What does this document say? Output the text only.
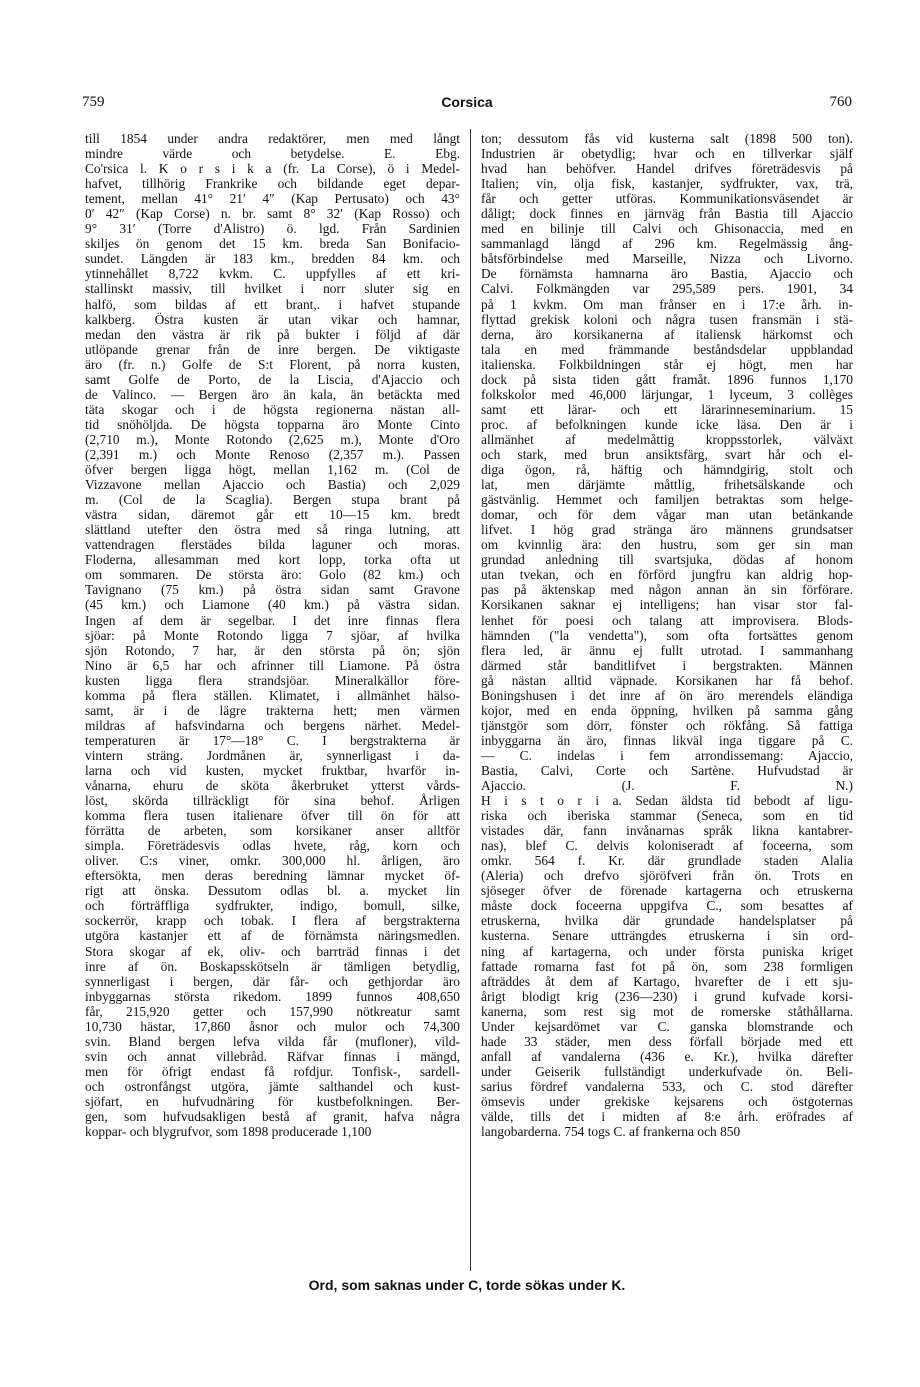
759	Corsica	760
till 1854 under andra redaktörer, men med långt
mindre värde och betydelse. E. Ebg.
Co'rsica l. K o r s i k a (fr. La Corse), ö i Medel-
hafvet, tillhörig Frankrike och bildande eget depar-
tement, mellan 41° 21′ 4″ (Kap Pertusato) och 43°
0′ 42″ (Kap Corse) n. br. samt 8° 32′ (Kap Rosso) och
9° 31′ (Torre d'Alistro) ö. lgd. Från Sardinien
skiljes ön genom det 15 km. breda San Bonifacio-
sundet. Längden är 183 km., bredden 84 km. och
ytinnehållet 8,722 kvkm. C. uppfylles af ett kri-
stallinskt massiv, till hvilket i norr sluter sig en
halfö, som bildas af ett brant,. i hafvet stupande
kalkberg. Östra kusten är utan vikar och hamnar,
medan den västra är rik på bukter i följd af där
utlöpande grenar från de inre bergen. De viktigaste
äro (fr. n.) Golfe de S:t Florent, på norra kusten,
samt Golfe de Porto, de la Liscia, d'Ajaccio och
de Valinco. — Bergen äro än kala, än betäckta med
täta skogar och i de högsta regionerna nästan all-
tid snöhöljda. De högsta topparna äro Monte Cinto
(2,710 m.), Monte Rotondo (2,625 m.), Monte d'Oro
(2,391 m.) och Monte Renoso (2,357 m.). Passen
öfver bergen ligga högt, mellan 1,162 m. (Col de
Vizzavone mellan Ajaccio och Bastia) och 2,029
m. (Col de la Scaglia). Bergen stupa brant på
västra sidan, däremot går ett 10—15 km. bredt
slättland utefter den östra med så ringa lutning, att
vattendragen flerstädes bilda laguner och moras.
Floderna, allesamman med kort lopp, torka ofta ut
om sommaren. De största äro: Golo (82 km.) och
Tavignano (75 km.) på östra sidan samt Gravone
(45 km.) och Liamone (40 km.) på västra sidan.
Ingen af dem är segelbar. I det inre finnas flera
sjöar: på Monte Rotondo ligga 7 sjöar, af hvilka
sjön Rotondo, 7 har, är den största på ön; sjön
Nino är 6,5 har och afrinner till Liamone. På östra
kusten ligga flera strandsjöar. Mineralkällor före-
komma på flera ställen. Klimatet, i allmänhet hälso-
samt, är i de lägre trakterna hett; men värmen
mildras af hafsvindarna och bergens närhet. Medel-
temperaturen är 17°—18° C. I bergstrakterna är
vintern sträng. Jordmånen är, synnerligast i da-
larna och vid kusten, mycket fruktbar, hvarför in-
vånarna, ehuru de sköta åkerbruket ytterst vårds-
löst, skörda tillräckligt för sina behof. Årligen
komma flera tusen italienare öfver till ön för att
förrätta de arbeten, som korsikaner anser alltför
simpla. Företrädesvis odlas hvete, råg, korn och
oliver. C:s viner, omkr. 300,000 hl. årligen, äro
eftersökta, men deras beredning lämnar mycket öf-
rigt att önska. Dessutom odlas bl. a. mycket lin
och förträffliga sydfrukter, indigo, bomull, silke,
sockerrör, krapp och tobak. I flera af bergstrakterna
utgöra kastanjer ett af de förnämsta näringsmedlen.
Stora skogar af ek, oliv- och barrträd finnas i det
inre af ön. Boskapsskötseln är tämligen betydlig,
synnerligast i bergen, där får- och gethjordar äro
inbyggarnas största rikedom. 1899 funnos 408,650
får, 215,920 getter och 157,990 nötkreatur samt
10,730 hästar, 17,860 åsnor och mulor och 74,300
svin. Bland bergen lefva vilda får (mufloner), vild-
svin och annat villebråd. Räfvar finnas i mängd,
men för öfrigt endast få rofdjur. Tonfisk-, sardell-
och ostronfångst utgöra, jämte salthandel och kust-
sjöfart, en hufvudnäring för kustbefolkningen. Ber-
gen, som hufvudsakligen bestå af granit, hafva några
koppar- och blygrufvor, som 1898 producerade 1,100
ton; dessutom fås vid kusterna salt (1898 500 ton).
Industrien är obetydlig; hvar och en tillverkar själf
hvad han behöfver. Handel drifves företrädesvis på
Italien; vin, olja fisk, kastanjer, sydfrukter, vax, trä,
får och getter utföras. Kommunikationsväsendet är
dåligt; dock finnes en järnväg från Bastia till Ajaccio
med en bilinje till Calvi och Ghisonaccia, med en
sammanlagd längd af 296 km. Regelmässig ång-
båtsförbindelse med Marseille, Nizza och Livorno.
De förnämsta hamnarna äro Bastia, Ajaccio och
Calvi. Folkmängden var 295,589 pers. 1901, 34
på 1 kvkm. Om man frånser en i 17:e årh. in-
flyttad grekisk koloni och några tusen fransmän i stä-
derna, äro korsikanerna af italiensk härkomst och
tala en med främmande beståndsdelar uppblandad
italienska. Folkbildningen står ej högt, men har
dock på sista tiden gått framåt. 1896 funnos 1,170
folkskolor med 46,000 lärjungar, 1 lyceum, 3 collèges
samt ett lärar- och ett lärarinneseminarium. 15
proc. af befolkningen kunde icke läsa. Den är i
allmänhet af medelmåttig kroppsstorlek, välväxt
och stark, med brun ansiktsfärg, svart hår och el-
diga ögon, rå, häftig och hämndgirig, stolt och
lat, men därjämte måttlig, frihetsälskande och
gästvänlig. Hemmet och familjen betraktas som helge-
domar, och för dem vågar man utan betänkande
lifvet. I hög grad stränga äro männens grundsatser
om kvinnlig ära: den hustru, som ger sin man
grundad anledning till svartsjuka, dödas af honom
utan tvekan, och en förförd jungfru kan aldrig hop-
pas på äktenskap med någon annan än sin förförare.
Korsikanen saknar ej intelligens; han visar stor fal-
lenhet för poesi och talang att improvisera. Blods-
hämnden ("la vendetta"), som ofta fortsättes genom
flera led, är ännu ej fullt utrotad. I sammanhang
därmed står banditlifvet i bergstrakten. Männen
gå nästan alltid väpnade. Korsikanen har få behof.
Boningshusen i det inre af ön äro merendels eländiga
kojor, med en enda öppning, hvilken på samma gång
tjänstgör som dörr, fönster och rökfång. Så fattiga
inbyggarna än äro, finnas likväl inga tiggare på C.
— C. indelas i fem arrondissemang: Ajaccio,
Bastia, Calvi, Corte och Sartène. Hufvudstad är
Ajaccio. (J. F. N.)
H i s t o r i a. Sedan äldsta tid bebodt af ligu-
riska och iberiska stammar (Seneca, som en tid
vistades där, fann invånarnas språk likna kantabrer-
nas), blef C. delvis koloniseradt af foceerna, som
omkr. 564 f. Kr. där grundlade staden Alalia
(Aleria) och drefvo sjöröfveri från ön. Trots en
sjöseger öfver de förenade kartagerna och etruskerna
måste dock foceerna uppgifva C., som besattes af
etruskerna, hvilka där grundade handelsplatser på
kusterna. Senare utträngdes etruskerna i sin ord-
ning af kartagerna, och under första puniska kriget
fattade romarna fast fot på ön, som 238 formligen
afträddes åt dem af Kartago, hvarefter de i ett sju-
årigt blodigt krig (236—230) i grund kufvade korsi-
kanerna, som rest sig mot de romerske ståthållarna.
Under kejsardömet var C. ganska blomstrande och
hade 33 städer, men dess förfall började med ett
anfall af vandalerna (436 e. Kr.), hvilka därefter
under Geiserik fullständigt underkufvade ön. Beli-
sarius fördref vandalerna 533, och C. stod därefter
ömsevis under grekiske kejsarens och östgoternas
välde, tills det i midten af 8:e årh. eröfrades af
langobarderna. 754 togs C. af frankerna och 850
Ord, som saknas under C, torde sökas under K.
